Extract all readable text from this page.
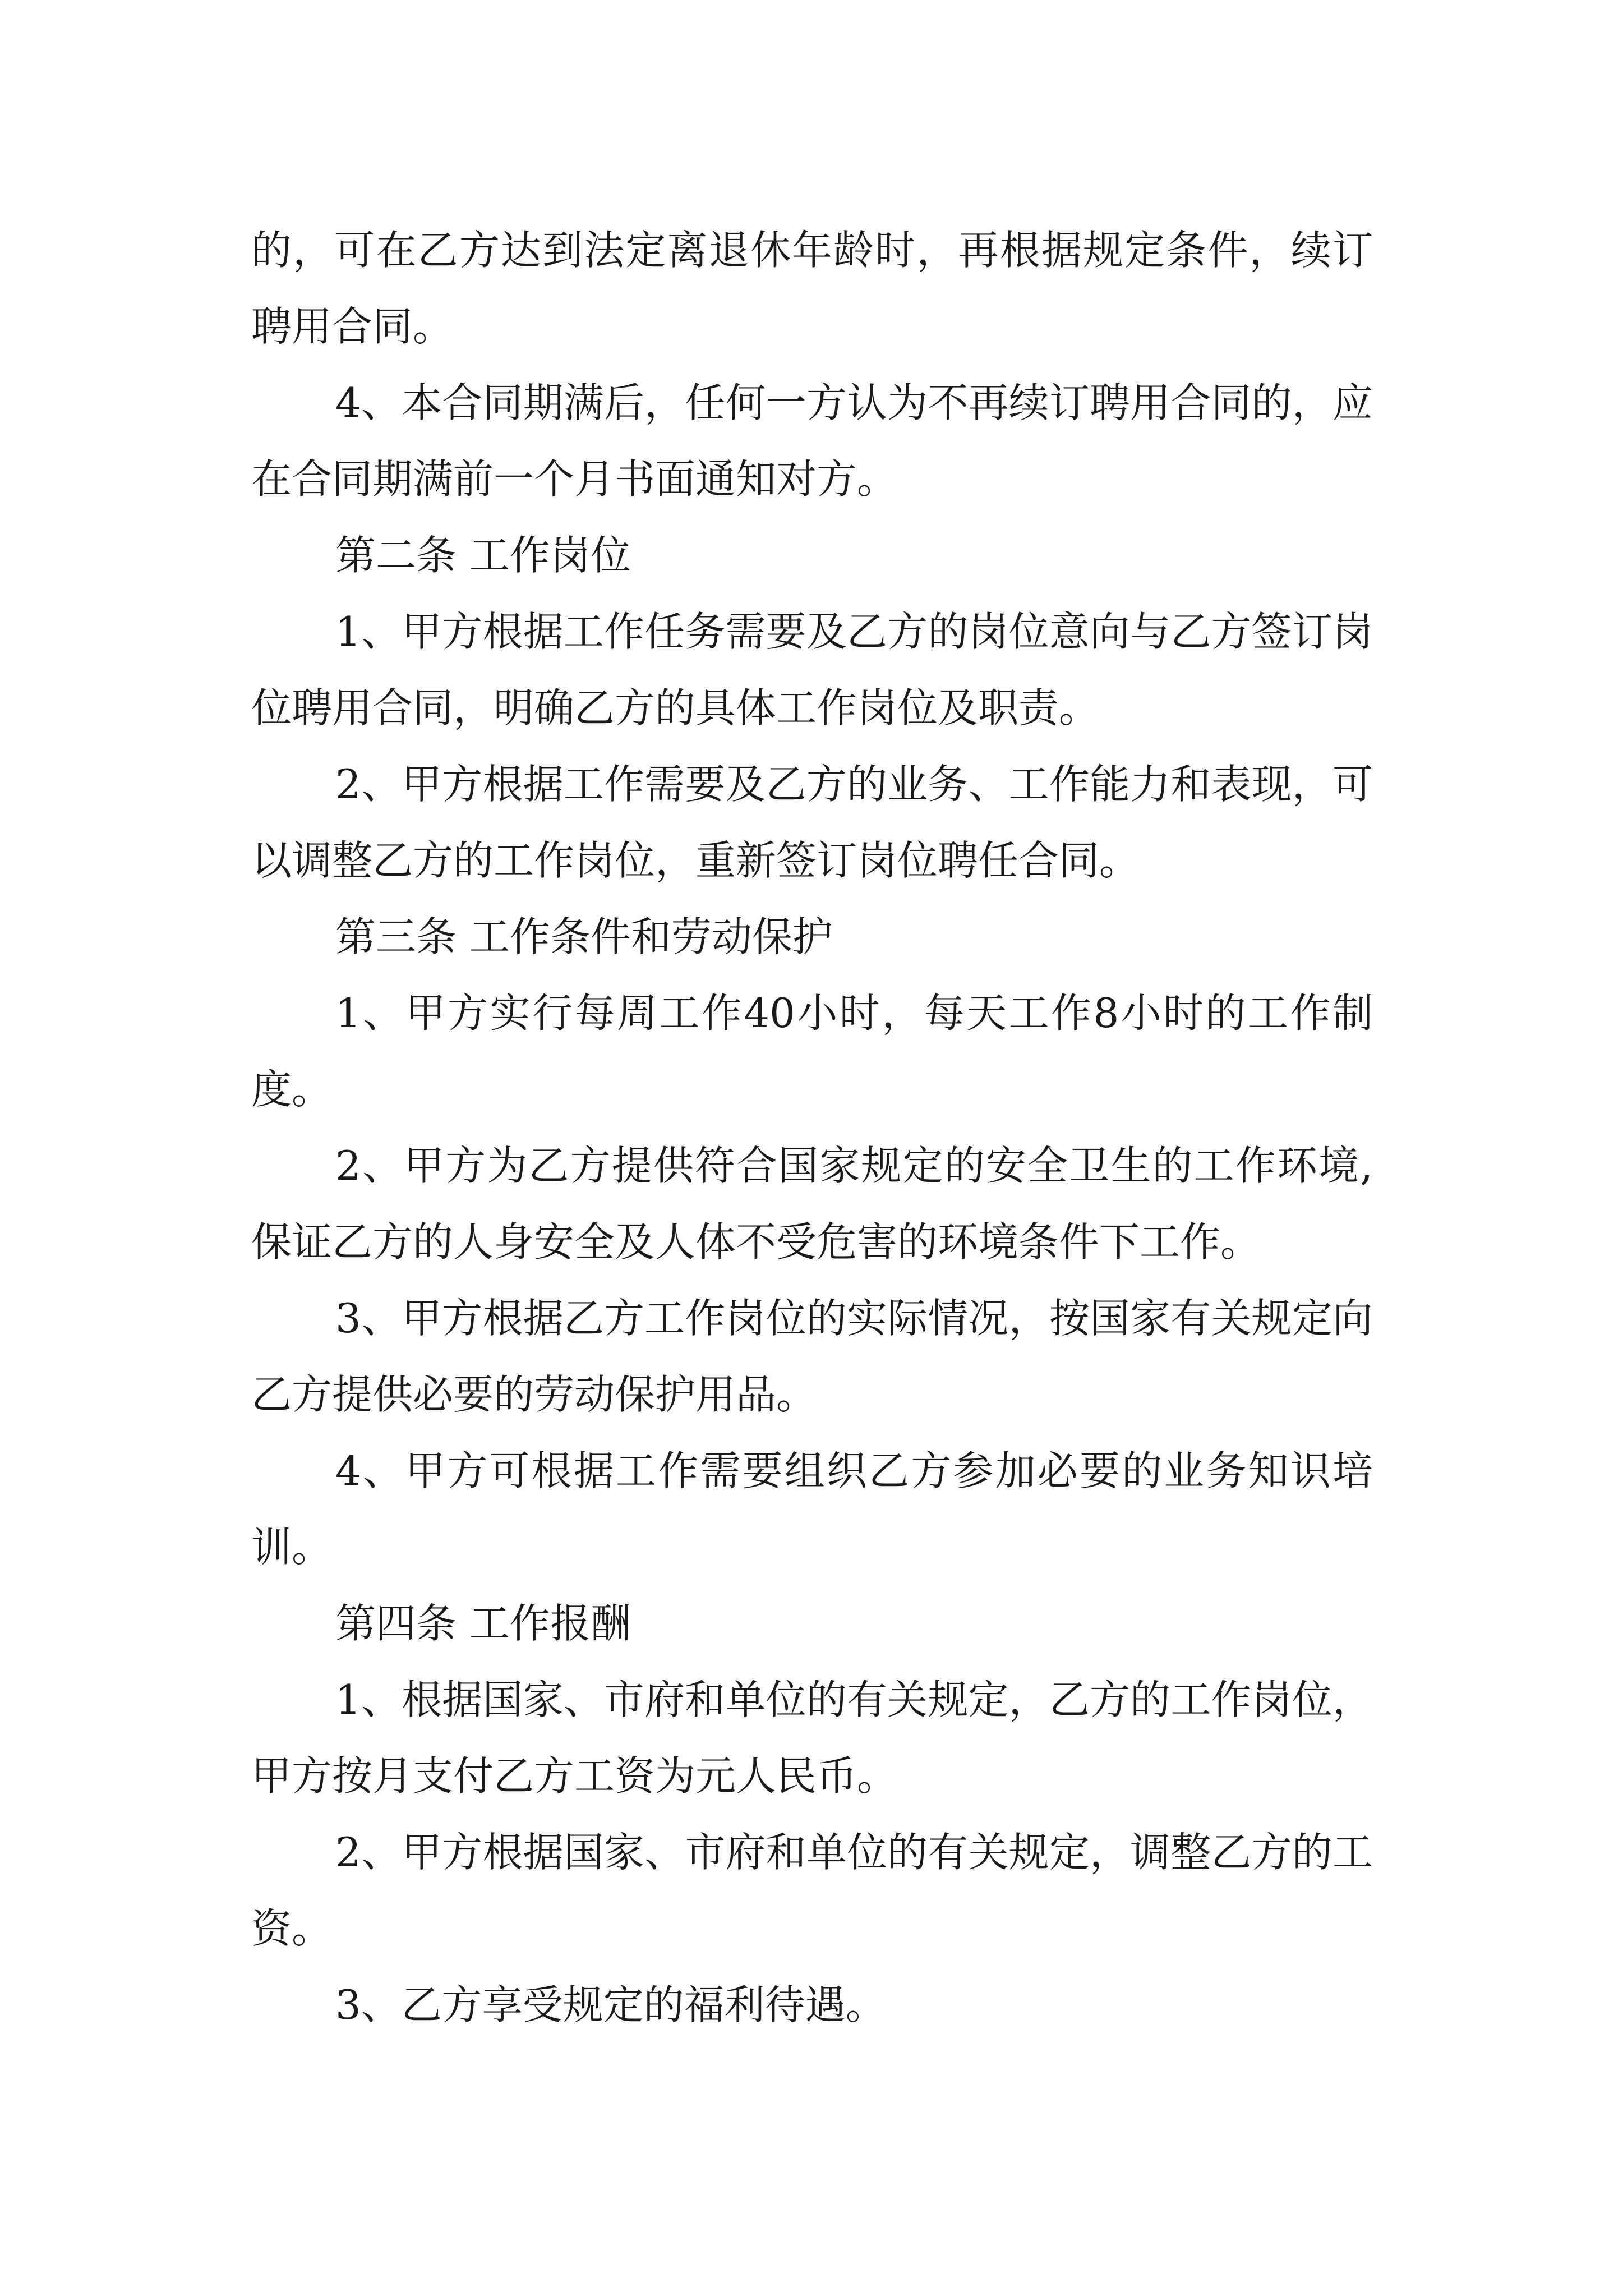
的，可在乙方达到法定离退休年龄时，再根据规定条件，续订聘用合同。

4、本合同期满后，任何一方认为不再续订聘用合同的，应在合同期满前一个月书面通知对方。

第二条 工作岗位

1、甲方根据工作任务需要及乙方的岗位意向与乙方签订岗位聘用合同，明确乙方的具体工作岗位及职责。

2、甲方根据工作需要及乙方的业务、工作能力和表现，可以调整乙方的工作岗位，重新签订岗位聘任合同。

第三条 工作条件和劳动保护

1、甲方实行每周工作40小时，每天工作8小时的工作制度。

2、甲方为乙方提供符合国家规定的安全卫生的工作环境,保证乙方的人身安全及人体不受危害的环境条件下工作。

3、甲方根据乙方工作岗位的实际情况，按国家有关规定向乙方提供必要的劳动保护用品。

4、甲方可根据工作需要组织乙方参加必要的业务知识培训。

第四条 工作报酬

1、根据国家、市府和单位的有关规定，乙方的工作岗位，甲方按月支付乙方工资为元人民币。

2、甲方根据国家、市府和单位的有关规定，调整乙方的工资。

3、乙方享受规定的福利待遇。
